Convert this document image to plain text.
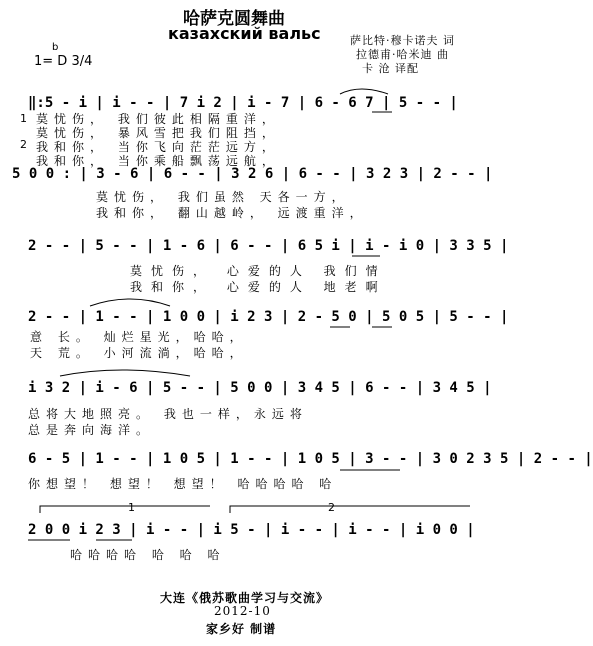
哈萨克圆舞曲
казахский вальс	萨比特·穆卡诺夫 词
拉德甫·哈米迪 曲
卡 沧 译配
b
1= D 3/4
‖:5 - i | i - - | 7 i 2 | i - 7 | 6 - 6 7 | 5 - - |
1
2
莫忧伤， 我们彼此相隔重洋，
莫忧伤， 暴风雪把我们阻挡，
我和你， 当你飞向茫茫远方，
我和你， 当你乘船飘荡远航，
5 0 0 : | 3 - 6 | 6 - - | 3 2 6 | 6 - - | 3 2 3 | 2 - - |
莫忧伤， 我们虽然 天各一方，
我和你， 翻山越岭， 远渡重洋，
2 - - | 5 - - | 1 - 6 | 6 - - | 6 5 i | i - i 0 | 3 3 5 |
莫忧伤， 心爱的人 我们情
我和你， 心爱的人 地老啊
2 - - | 1 - - | 1 0 0 | i 2 3 | 2 - 5 0 | 5 0 5 | 5 - - |
意 长。 灿烂星光，哈哈，
天 荒。 小河流淌，哈哈，
i 3 2 | i - 6 | 5 - - | 5 0 0 | 3 4 5 | 6 - - | 3 4 5 |
总将大地照亮。 我也一样，永远将
总是奔向海洋。
6 - 5 | 1 - - | 1 0 5 | 1 - - | 1 0 5 | 3 - - | 3 0 2 3 5 | 2 - - |
你想望！ 想望！ 想望！ 哈哈哈哈 哈
1	2
2 0 0 i 2 3 | i - - | i 5 - | i - - | i - - | i 0 0 |
哈哈哈哈 哈 哈 哈
大连《俄苏歌曲学习与交流》
2012-10
家乡好 制谱
